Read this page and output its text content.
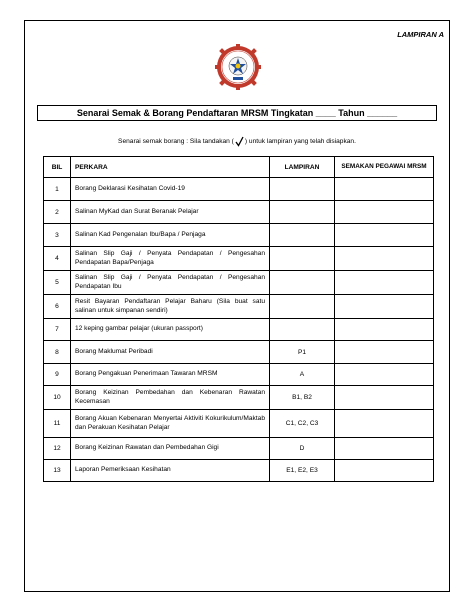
LAMPIRAN A
Senarai Semak & Borang Pendaftaran MRSM Tingkatan ____ Tahun ______
Senarai semak borang : Sila tandakan ( ) untuk lampiran yang telah disiapkan.
BIL	PERKARA	LAMPIRAN	SEMAKAN PEGAWAI MRSM
1	Borang Deklarasi Kesihatan Covid-19		
2	Salinan MyKad dan Surat Beranak Pelajar		
3	Salinan Kad Pengenalan Ibu/Bapa / Penjaga		
4	Salinan Slip Gaji / Penyata Pendapatan / Pengesahan Pendapatan Bapa/Penjaga		
5	Salinan Slip Gaji / Penyata Pendapatan / Pengesahan Pendapatan Ibu		
6	Resit Bayaran Pendaftaran Pelajar Baharu (Sila buat satu salinan untuk simpanan sendiri)		
7	12 keping gambar pelajar (ukuran passport)		
8	Borang Maklumat Peribadi	P1	
9	Borang Pengakuan Penerimaan Tawaran MRSM	A	
10	Borang Keizinan Pembedahan dan Kebenaran Rawatan Kecemasan	B1, B2	
11	Borang Akuan Kebenaran Menyertai Aktiviti Kokurikulum/Maktab dan Perakuan Kesihatan Pelajar	C1, C2, C3	
12	Borang Keizinan Rawatan dan Pembedahan Gigi	D	
13	Laporan Pemeriksaan Kesihatan	E1, E2, E3	
